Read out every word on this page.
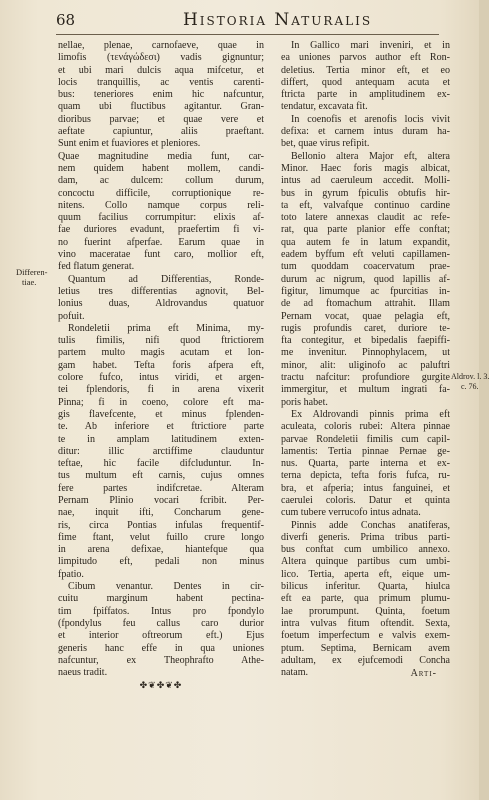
68	Historia Naturalis
Differen-
tiae.
Aldrov. l. 3.
c. 76.
nellae, plenae, carnofaeve, quae in
limofis (τενάγώδεσι) vadis gignuntur;
et ubi mari dulcis aqua mifcetur, et
locis tranquillis, ac ventis carenti-
bus: teneriores enim hic nafcuntur,
quam ubi fluctibus agitantur. Gran-
dioribus parvae; et quae vere et
aeftate capiuntur, aliis praeftant.
Sunt enim et fuaviores et pleniores.
Quae magnitudine media funt, car-
nem quidem habent mollem, candi-
dam, ac dulcem: collum durum,
concoctu difficile, corruptionique re-
nitens. Collo namque corpus reli-
quum facilius corrumpitur: elixis af-
fae duriores evadunt, praefertim fi vi-
no fuerint afperfae. Earum quae in
vino maceratae funt caro, mollior eft,
fed flatum generat.
Quantum ad Differentias, Ronde-
letius tres differentias agnovit, Bel-
lonius duas, Aldrovandus quatuor
pofuit.
Rondeletii prima eft Minima, my-
tulis fimilis, nifi quod ftrictiorem
partem multo magis acutam et lon-
gam habet. Tefta foris afpera eft,
colore fufco, intus viridi, et argen-
tei fplendoris, fi in arena vixerit
Pinna; fi in coeno, colore eft ma-
gis flavefcente, et minus fplenden-
te. Ab inferiore et ftrictiore parte
te in amplam latitudinem exten-
ditur: illic arctiffime clauduntur
teftae, hic facile difcluduntur. In-
tus multum eft carnis, cujus omnes
fere partes indifcretae. Alteram
Pernam Plinio vocari fcribit. Per-
nae, inquit ifti, Concharum gene-
ris, circa Pontias infulas frequentif-
fime ftant, velut fuillo crure longo
in arena defixae, hiantefque qua
limpitudo eft, pedali non minus
fpatio.
Cibum venantur. Dentes in cir-
cuitu marginum habent pectina-
tim fpiffatos. Intus pro fpondylo
(fpondylus feu callus caro durior
et interior oftreorum eft.) Ejus
generis hanc effe in qua uniones
nafcuntur, ex Theophrafto Athe-
naeus tradit.
✤❦✤❦✤
In Gallico mari inveniri, et in
ea uniones parvos author eft Ron-
deletius. Tertia minor eft, et eo
differt, quod antequam acuta et
ftricta parte in amplitudinem ex-
tendatur, excavata fit.
In coenofis et arenofis locis vivit
defixa: et carnem intus duram ha-
bet, quae virus refipit.
Bellonio altera Major eft, altera
Minor. Haec foris magis albicat,
intus ad caeruleum accedit. Molli-
bus in gyrum fpiculis obtufis hir-
ta eft, valvafque continuo cardine
toto latere annexas claudit ac refe-
rat, qua parte planior effe conftat;
qua autem fe in latum expandit,
eadem byffum eft veluti capillamen-
tum quoddam coacervatum prae-
durum ac nigrum, quod lapillis af-
figitur, limumque ac fpurcitias in-
de ad ftomachum attrahit. Illam
Pernam vocat, quae pelagia eft,
rugis profundis caret, duriore te-
fta contegitur, et bipedalis faepiffi-
me invenitur. Pinnophylacem, ut
minor, alit: uliginofo ac paluftri
tractu nafcitur: profundiore gurgite
immergitur, et multum ingrati fa-
poris habet.
Ex Aldrovandi pinnis prima eft
aculeata, coloris rubei: Altera pinnae
parvae Rondeletii fimilis cum capil-
lamentis: Tertia pinnae Pernae ge-
nus. Quarta, parte interna et ex-
terna depicta, tefta foris fufca, ru-
bra, et afperia; intus fanguinei, et
caerulei coloris. Datur et quinta
cum tubere verrucofo intus adnata.
Pinnis adde Conchas anatiferas,
diverfi generis. Prima tribus parti-
bus conftat cum umbilico annexo.
Altera quinque partibus cum umbi-
lico. Tertia, aperta eft, eique um-
bilicus inferitur. Quarta, hiulca
eft ea parte, qua primum plumu-
lae prorumpunt. Quinta, foetum
intra vulvas fitum oftendit. Sexta,
foetum imperfectum e valvis exem-
ptum. Septima, Bernicam avem
adultam, ex ejufcemodi Concha
natam.	Arti-
